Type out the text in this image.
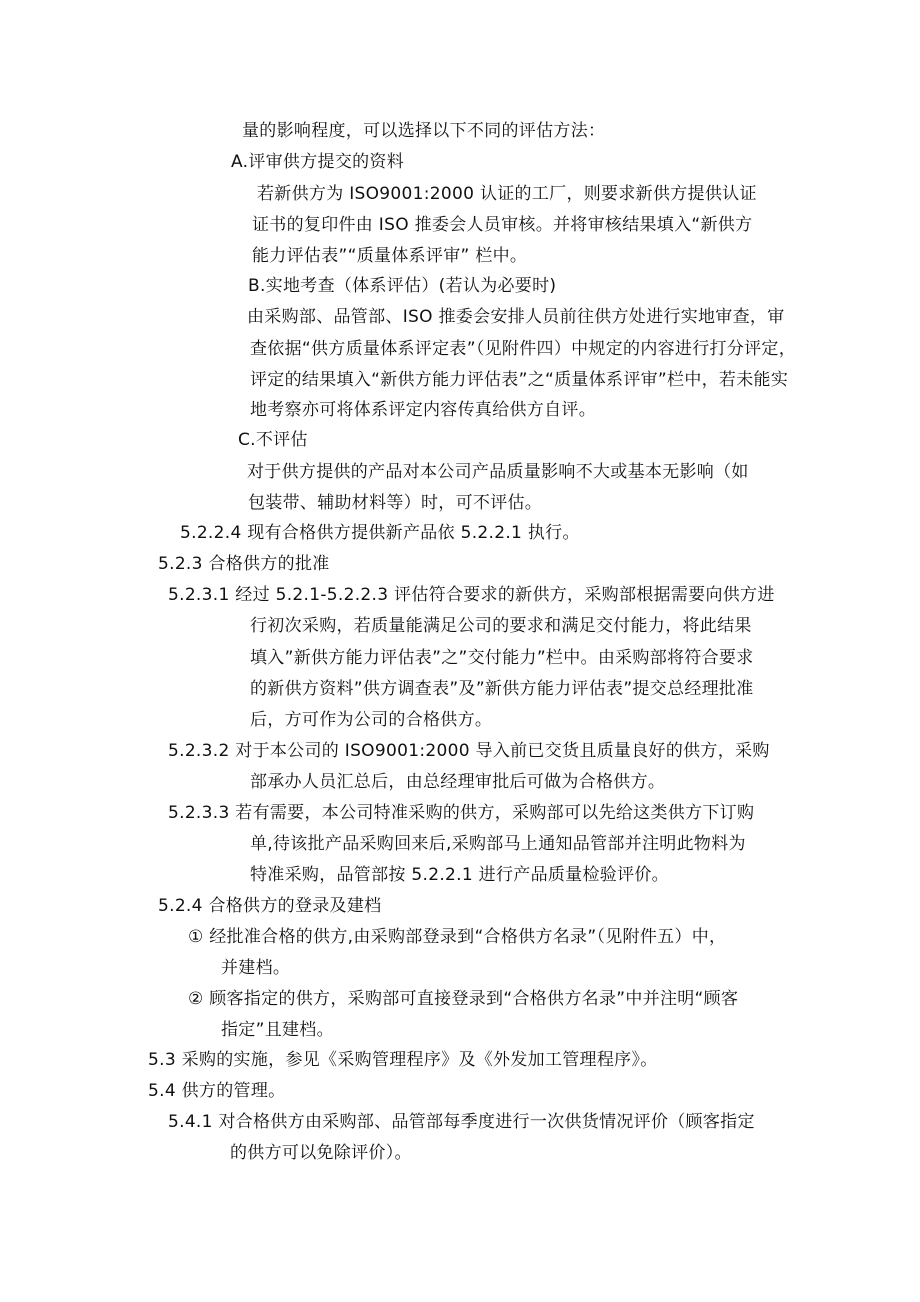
量的影响程度，可以选择以下不同的评估方法：

A.评审供方提交的资料

若新供方为 ISO9001:2000 认证的工厂，则要求新供方提供认证

证书的复印件由 ISO 推委会人员审核。并将审核结果填入“新供方

能力评估表”“质量体系评审” 栏中。

B.实地考查（体系评估）(若认为必要时)

由采购部、品管部、ISO 推委会安排人员前往供方处进行实地审查，审

查依据“供方质量体系评定表”（见附件四）中规定的内容进行打分评定，

评定的结果填入“新供方能力评估表”之“质量体系评审”栏中，若未能实

地考察亦可将体系评定内容传真给供方自评。

C.不评估

对于供方提供的产品对本公司产品质量影响不大或基本无影响（如

包装带、辅助材料等）时，可不评估。

5.2.2.4 现有合格供方提供新产品依 5.2.2.1 执行。

5.2.3 合格供方的批准

5.2.3.1 经过 5.2.1-5.2.2.3 评估符合要求的新供方，采购部根据需要向供方进

行初次采购，若质量能满足公司的要求和满足交付能力，将此结果

填入”新供方能力评估表”之”交付能力”栏中。由采购部将符合要求

的新供方资料”供方调查表”及”新供方能力评估表”提交总经理批准

后，方可作为公司的合格供方。

5.2.3.2 对于本公司的 ISO9001:2000 导入前已交货且质量良好的供方，采购

部承办人员汇总后，由总经理审批后可做为合格供方。

5.2.3.3 若有需要，本公司特准采购的供方，采购部可以先给这类供方下订购

单,待该批产品采购回来后,采购部马上通知品管部并注明此物料为

特准采购，品管部按 5.2.2.1 进行产品质量检验评价。

5.2.4 合格供方的登录及建档

① 经批准合格的供方,由采购部登录到“合格供方名录”（见附件五）中，

并建档。

② 顾客指定的供方，采购部可直接登录到“合格供方名录”中并注明“顾客

指定”且建档。

5.3 采购的实施，参见《采购管理程序》及《外发加工管理程序》。

5.4 供方的管理。

5.4.1 对合格供方由采购部、品管部每季度进行一次供货情况评价（顾客指定

的供方可以免除评价）。
